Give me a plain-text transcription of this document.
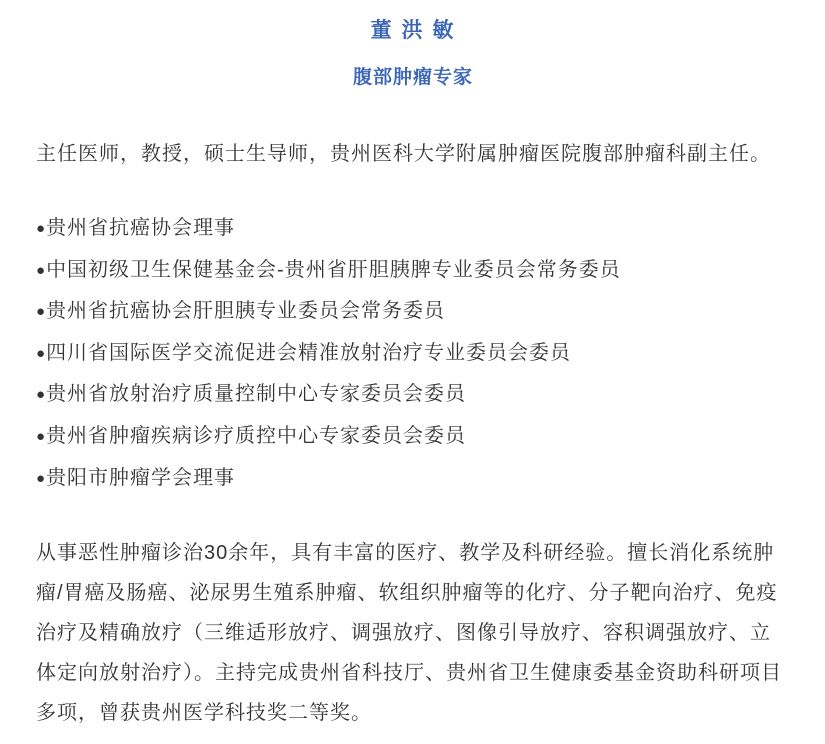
董 洪 敏
腹部肿瘤专家

主任医师，教授，硕士生导师，贵州医科大学附属肿瘤医院腹部肿瘤科副主任。

●贵州省抗癌协会理事
●中国初级卫生保健基金会-贵州省肝胆胰脾专业委员会常务委员
●贵州省抗癌协会肝胆胰专业委员会常务委员
●四川省国际医学交流促进会精准放射治疗专业委员会委员
●贵州省放射治疗质量控制中心专家委员会委员
●贵州省肿瘤疾病诊疗质控中心专家委员会委员
●贵阳市肿瘤学会理事

从事恶性肿瘤诊治30余年，具有丰富的医疗、教学及科研经验。擅长消化系统肿瘤/胃癌及肠癌、泌尿男生殖系肿瘤、软组织肿瘤等的化疗、分子靶向治疗、免疫治疗及精确放疗（三维适形放疗、调强放疗、图像引导放疗、容积调强放疗、立体定向放射治疗）。主持完成贵州省科技厅、贵州省卫生健康委基金资助科研项目多项，曾获贵州医学科技奖二等奖。
